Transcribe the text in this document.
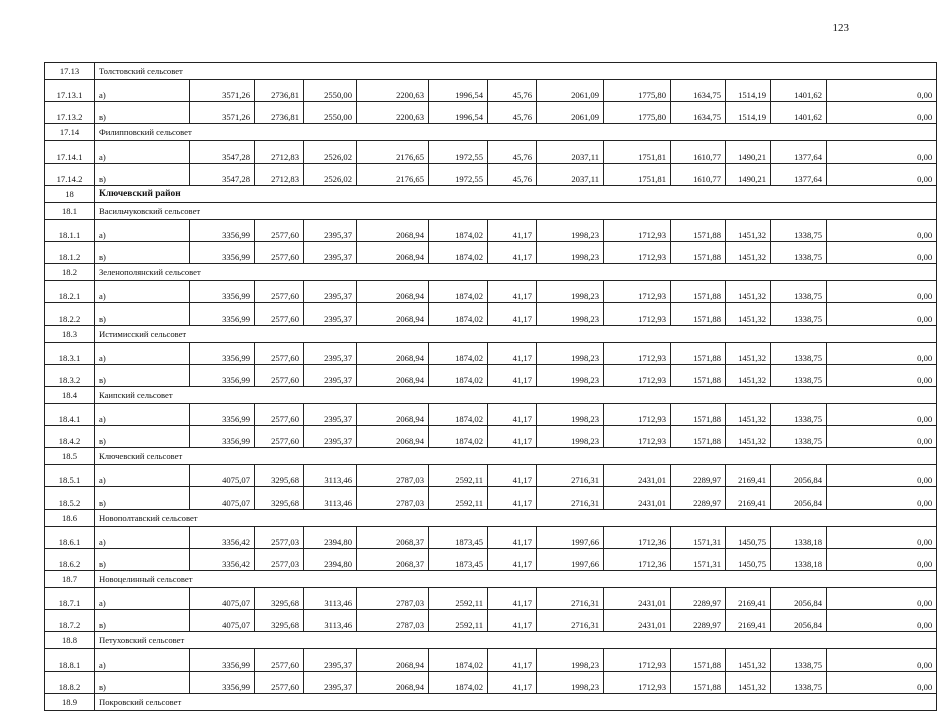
123
17.13	Толстовский сельсовет												
17.13.1	а)	3571,26	2736,81	2550,00	2200,63	1996,54	45,76	2061,09	1775,80	1634,75	1514,19	1401,62	0,00
17.13.2	в)	3571,26	2736,81	2550,00	2200,63	1996,54	45,76	2061,09	1775,80	1634,75	1514,19	1401,62	0,00
17.14	Филипповский сельсовет												
17.14.1	а)	3547,28	2712,83	2526,02	2176,65	1972,55	45,76	2037,11	1751,81	1610,77	1490,21	1377,64	0,00
17.14.2	в)	3547,28	2712,83	2526,02	2176,65	1972,55	45,76	2037,11	1751,81	1610,77	1490,21	1377,64	0,00
18	Ключевский район												
18.1	Васильчуковский сельсовет												
18.1.1	а)	3356,99	2577,60	2395,37	2068,94	1874,02	41,17	1998,23	1712,93	1571,88	1451,32	1338,75	0,00
18.1.2	в)	3356,99	2577,60	2395,37	2068,94	1874,02	41,17	1998,23	1712,93	1571,88	1451,32	1338,75	0,00
18.2	Зеленополянский сельсовет												
18.2.1	а)	3356,99	2577,60	2395,37	2068,94	1874,02	41,17	1998,23	1712,93	1571,88	1451,32	1338,75	0,00
18.2.2	в)	3356,99	2577,60	2395,37	2068,94	1874,02	41,17	1998,23	1712,93	1571,88	1451,32	1338,75	0,00
18.3	Истимисский сельсовет												
18.3.1	а)	3356,99	2577,60	2395,37	2068,94	1874,02	41,17	1998,23	1712,93	1571,88	1451,32	1338,75	0,00
18.3.2	в)	3356,99	2577,60	2395,37	2068,94	1874,02	41,17	1998,23	1712,93	1571,88	1451,32	1338,75	0,00
18.4	Каипский сельсовет												
18.4.1	а)	3356,99	2577,60	2395,37	2068,94	1874,02	41,17	1998,23	1712,93	1571,88	1451,32	1338,75	0,00
18.4.2	в)	3356,99	2577,60	2395,37	2068,94	1874,02	41,17	1998,23	1712,93	1571,88	1451,32	1338,75	0,00
18.5	Ключевский сельсовет												
18.5.1	а)	4075,07	3295,68	3113,46	2787,03	2592,11	41,17	2716,31	2431,01	2289,97	2169,41	2056,84	0,00
18.5.2	в)	4075,07	3295,68	3113,46	2787,03	2592,11	41,17	2716,31	2431,01	2289,97	2169,41	2056,84	0,00
18.6	Новополтавский сельсовет												
18.6.1	а)	3356,42	2577,03	2394,80	2068,37	1873,45	41,17	1997,66	1712,36	1571,31	1450,75	1338,18	0,00
18.6.2	в)	3356,42	2577,03	2394,80	2068,37	1873,45	41,17	1997,66	1712,36	1571,31	1450,75	1338,18	0,00
18.7	Новоцелинный сельсовет												
18.7.1	а)	4075,07	3295,68	3113,46	2787,03	2592,11	41,17	2716,31	2431,01	2289,97	2169,41	2056,84	0,00
18.7.2	в)	4075,07	3295,68	3113,46	2787,03	2592,11	41,17	2716,31	2431,01	2289,97	2169,41	2056,84	0,00
18.8	Петуховский сельсовет												
18.8.1	а)	3356,99	2577,60	2395,37	2068,94	1874,02	41,17	1998,23	1712,93	1571,88	1451,32	1338,75	0,00
18.8.2	в)	3356,99	2577,60	2395,37	2068,94	1874,02	41,17	1998,23	1712,93	1571,88	1451,32	1338,75	0,00
18.9	Покровский сельсовет												
